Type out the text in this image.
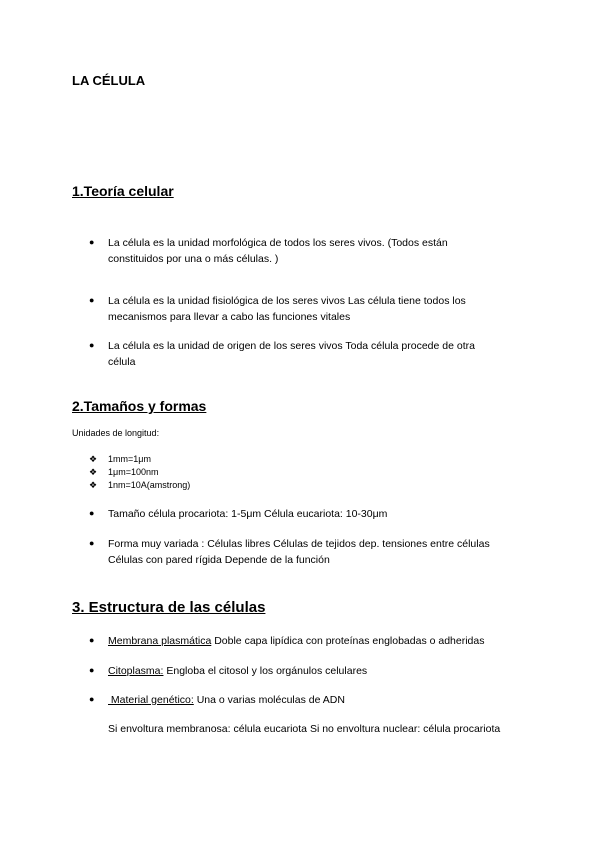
LA CÉLULA
1.Teoría celular
●	La célula es la unidad morfológica de todos los seres vivos. (Todos están
constituidos por una o más células. )
●	La célula es la unidad fisiológica de los seres vivos Las célula tiene todos los
mecanismos para llevar a cabo las funciones vitales
●	La célula es la unidad de origen de los seres vivos Toda célula procede de otra
célula
2.Tamaños y formas
Unidades de longitud:
❖ 1mm=1μm
❖ 1μm=100nm
❖ 1nm=10A(amstrong)
●	Tamaño célula procariota: 1-5μm Célula eucariota: 10-30μm
●	Forma muy variada : Células libres Células de tejidos dep. tensiones entre células
Células con pared rígida Depende de la función
3. Estructura de las células
●	Membrana plasmática Doble capa lipídica con proteínas englobadas o adheridas
●	Citoplasma: Engloba el citosol y los orgánulos celulares
●	Material genético: Una o varias moléculas de ADN
Si envoltura membranosa: célula eucariota Si no envoltura nuclear: célula procariota
